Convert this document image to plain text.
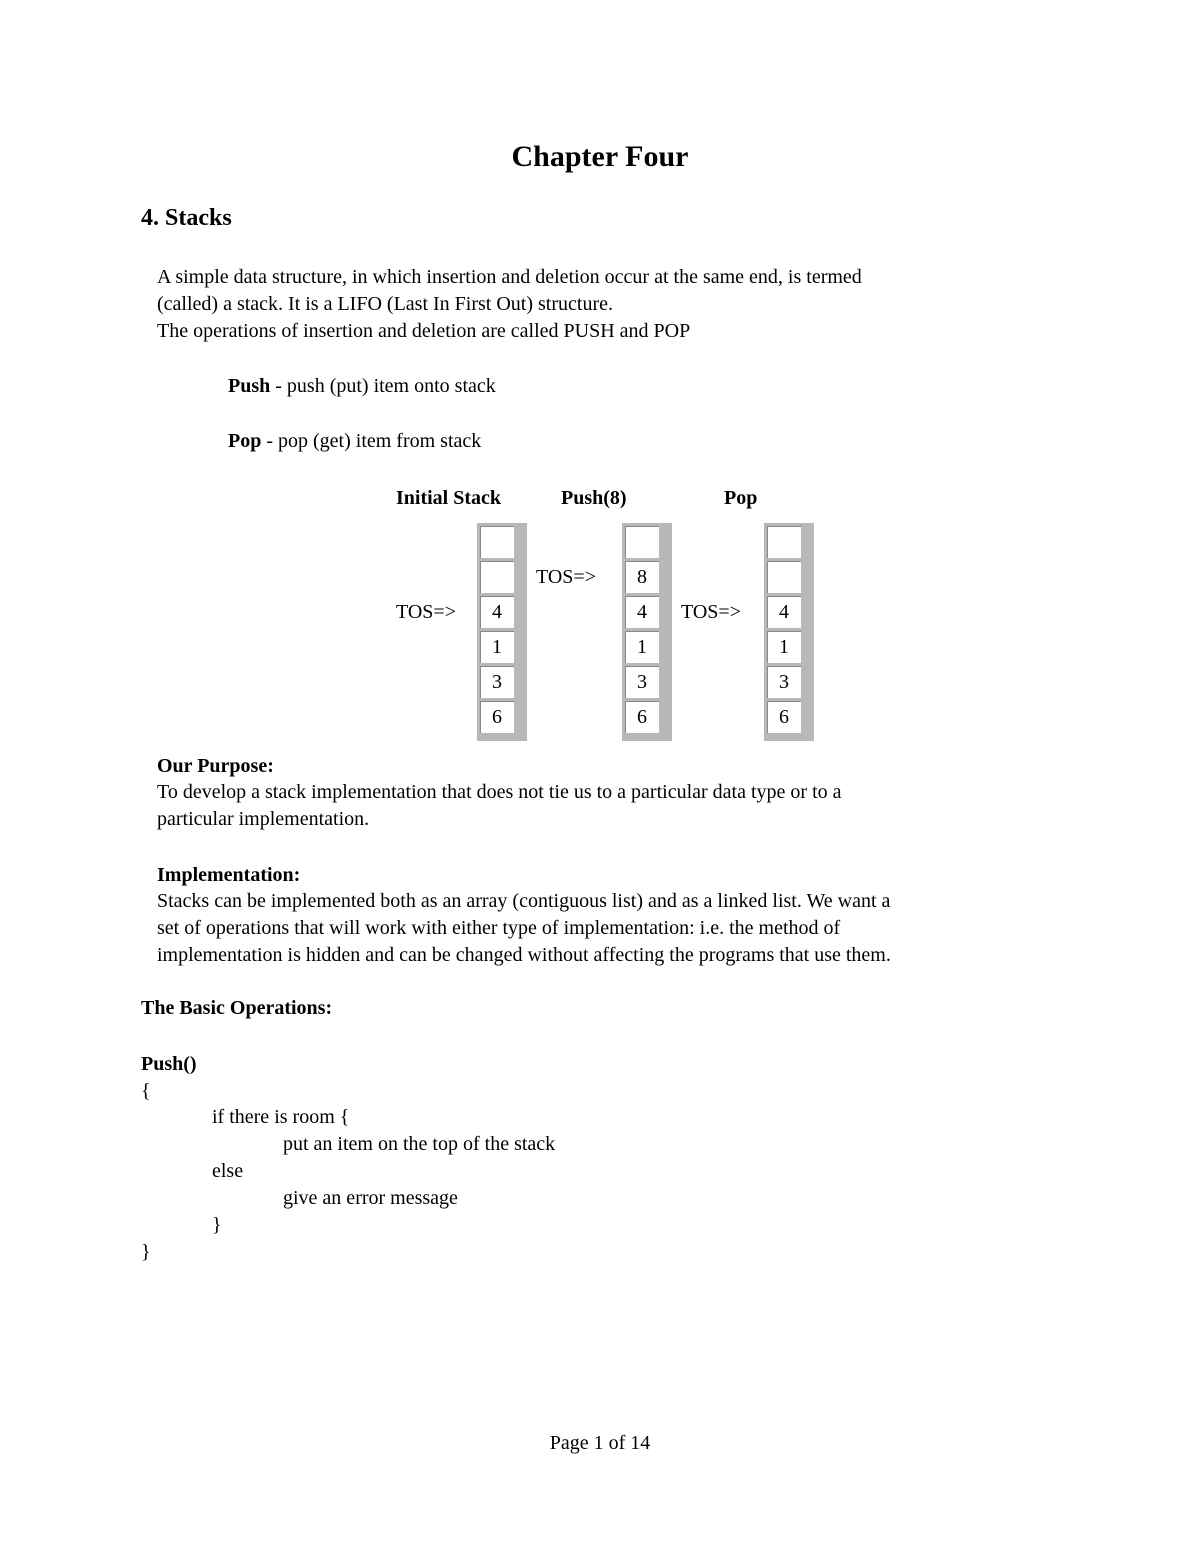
Chapter Four
4. Stacks
A simple data structure, in which insertion and deletion occur at the same end, is termed
(called) a stack. It is a LIFO (Last In First Out) structure.
The operations of insertion and deletion are called PUSH and POP
Push - push (put) item onto stack
Pop - pop (get) item from stack
Initial Stack	Push(8)	Pop
TOS=>
TOS=>
TOS=>
4
1
3
6
8
4
1
3
6
4
1
3
6
Our Purpose:
To develop a stack implementation that does not tie us to a particular data type or to a
particular implementation.
Implementation:
Stacks can be implemented both as an array (contiguous list) and as a linked list. We want a
set of operations that will work with either type of implementation: i.e. the method of
implementation is hidden and can be changed without affecting the programs that use them.
The Basic Operations:
Push()
{
if there is room {
put an item on the top of the stack
else
give an error message
}
}
Page 1 of 14
